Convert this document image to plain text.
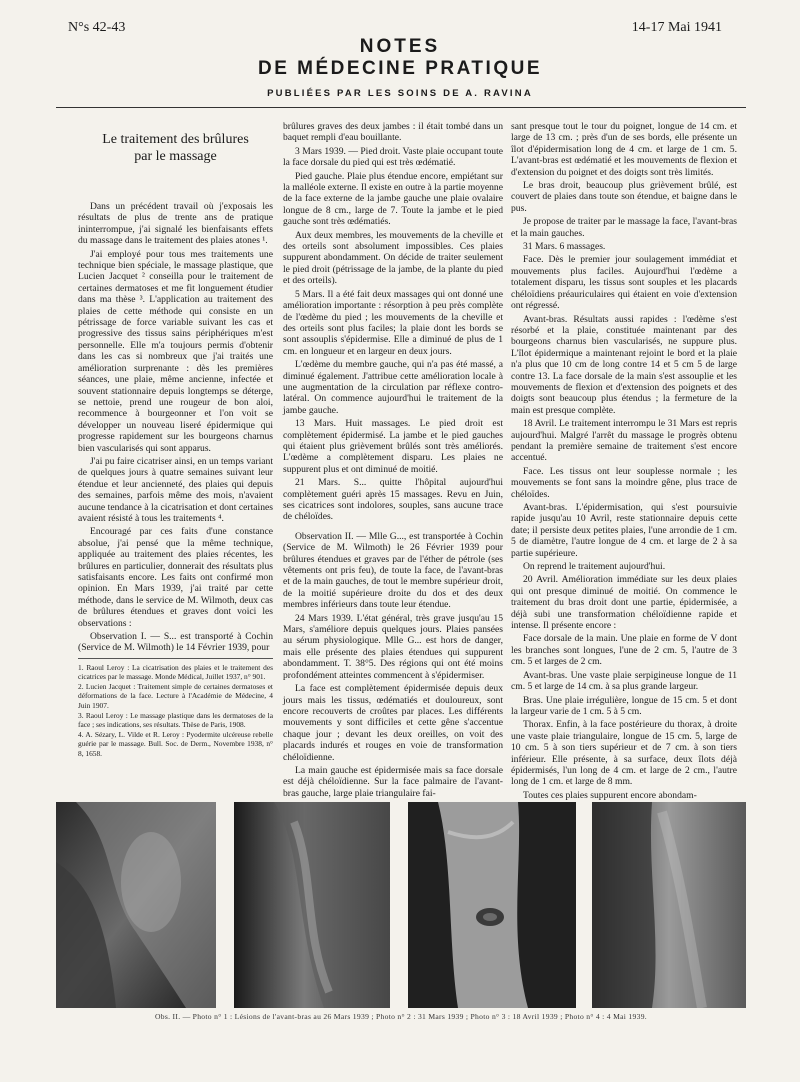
N°s 42-43	14-17 Mai 1941
NOTES
DE MÉDECINE PRATIQUE
PUBLIÉES PAR LES SOINS DE A. RAVINA
Le traitement des brûlures
par le massage

Dans un précédent travail où j'exposais les résultats de plus de trente ans de pratique ininterrompue, j'ai signalé les bienfaisants effets du massage dans le traitement des plaies atones ¹.

J'ai employé pour tous mes traitements une technique bien spéciale, le massage plastique, que Lucien Jacquet ² conseilla pour le traitement de certaines dermatoses et me fit longuement étudier dans ma thèse ³. L'application au traitement des plaies de cette méthode qui consiste en un pétrissage de force variable suivant les cas et progressive des tissus sains périphériques m'est personnelle. Elle m'a toujours permis d'obtenir dans les cas si nombreux que j'ai traités une amélioration surprenante : dès les premières séances, une plaie, même ancienne, infectée et souvent stationnaire depuis longtemps se déterge, se nettoie, prend une rougeur de bon aloi, recommence à bourgeonner et l'on voit se développer un nouveau liseré épidermique qui progresse rapidement sur les bourgeons charnus bien vascularisés qui sont apparus.

J'ai pu faire cicatriser ainsi, en un temps variant de quelques jours à quatre semaines suivant leur étendue et leur ancienneté, des plaies qui depuis des semaines, parfois même des mois, n'avaient aucune tendance à la cicatrisation et dont certaines avaient résisté à tous les traitements ⁴.

Encouragé par ces faits d'une constance absolue, j'ai pensé que la même technique, appliquée au traitement des plaies récentes, les brûlures en particulier, donnerait des résultats plus satisfaisants encore. Les faits ont confirmé mon opinion. En Mars 1939, j'ai traité par cette méthode, dans le service de M. Wilmoth, deux cas de brûlures étendues et graves dont voici les observations :

Observation I. — S... est transporté à Cochin (Service de M. Wilmoth) le 14 Février 1939, pour

1. Raoul Leroy : La cicatrisation des plaies et le traitement des cicatrices par le massage. Monde Médical, Juillet 1937, n° 901.

2. Lucien Jacquet : Traitement simple de certaines dermatoses et déformations de la face. Lecture à l'Académie de Médecine, 4 Juin 1907.

3. Raoul Leroy : Le massage plastique dans les dermatoses de la face ; ses indications, ses résultats. Thèse de Paris, 1908.

4. A. Sézary, L. Vilde et R. Leroy : Pyodermite ulcéreuse rebelle guérie par le massage. Bull. Soc. de Derm., Novembre 1938, n° 8, 1658.

brûlures graves des deux jambes : il était tombé dans un baquet rempli d'eau bouillante.

3 Mars 1939. — Pied droit. Vaste plaie occupant toute la face dorsale du pied qui est très œdématié.

Pied gauche. Plaie plus étendue encore, empiétant sur la malléole externe. Il existe en outre à la partie moyenne de la face externe de la jambe gauche une plaie ovalaire longue de 8 cm., large de 7. Toute la jambe et le pied gauche sont très œdématiés.

Aux deux membres, les mouvements de la cheville et des orteils sont absolument impossibles. Ces plaies suppurent abondamment. On décide de traiter seulement le pied droit (pétrissage de la jambe, de la plante du pied et des orteils).

5 Mars. Il a été fait deux massages qui ont donné une amélioration importante : résorption à peu près complète de l'œdème du pied ; les mouvements de la cheville et des orteils sont plus faciles; la plaie dont les bords se sont assouplis s'épidermise. Elle a diminué de plus de 1 cm. en longueur et en largeur en deux jours.

L'œdème du membre gauche, qui n'a pas été massé, a diminué également. J'attribue cette amélioration locale à une augmentation de la circulation par réflexe contro-latéral. On commence aujourd'hui le traitement de la jambe gauche.

13 Mars. Huit massages. Le pied droit est complètement épidermisé. La jambe et le pied gauches qui étaient plus grièvement brûlés sont très améliorés. L'œdème a complètement disparu. Les plaies ne suppurent plus et ont diminué de moitié.

21 Mars. S... quitte l'hôpital aujourd'hui complètement guéri après 15 massages. Revu en Juin, ses cicatrices sont indolores, souples, sans aucune trace de chéloïdes.

Observation II. — Mlle G..., est transportée à Cochin (Service de M. Wilmoth) le 26 Février 1939 pour brûlures étendues et graves par de l'éther de pétrole (ses vêtements ont pris feu), de toute la face, de l'avant-bras et de la main gauches, de tout le membre supérieur droit, de la moitié supérieure droite du dos et des deux membres inférieurs dans toute leur étendue.

24 Mars 1939. L'état général, très grave jusqu'au 15 Mars, s'améliore depuis quelques jours. Plaies pansées au sérum physiologique. Mlle G... est hors de danger, mais elle présente des plaies étendues qui suppurent abondamment. T. 38°5. Des régions qui ont été moins profondément atteintes commencent à s'épidermiser.

La face est complètement épidermisée depuis deux jours mais les tissus, œdématiés et douloureux, sont encore recouverts de croûtes par places. Les différents mouvements y sont difficiles et cette gêne s'accentue chaque jour ; devant les deux oreilles, on voit des placards indurés et rouges en voie de transformation chéloïdienne.

La main gauche est épidermisée mais sa face dorsale est déjà chéloïdienne. Sur la face palmaire de l'avant-bras gauche, large plaie triangulaire fai-

sant presque tout le tour du poignet, longue de 14 cm. et large de 13 cm. ; près d'un de ses bords, elle présente un îlot d'épidermisation long de 4 cm. et large de 1 cm. 5. L'avant-bras est œdématié et les mouvements de flexion et d'extension du poignet et des doigts sont très limités.

Le bras droit, beaucoup plus grièvement brûlé, est couvert de plaies dans toute son étendue, et baigne dans le pus.

Je propose de traiter par le massage la face, l'avant-bras et la main gauches.

31 Mars. 6 massages.

Face. Dès le premier jour soulagement immédiat et mouvements plus faciles. Aujourd'hui l'œdème a totalement disparu, les tissus sont souples et les placards chéloïdiens préauriculaires qui étaient en voie d'extension ont régressé.

Avant-bras. Résultats aussi rapides : l'œdème s'est résorbé et la plaie, constituée maintenant par des bourgeons charnus bien vascularisés, ne suppure plus. L'îlot épidermique a maintenant rejoint le bord et la plaie n'a plus que 10 cm de long contre 14 et 5 cm 5 de large contre 13. La face dorsale de la main s'est assouplie et les mouvements de flexion et d'extension des poignets et des doigts sont beaucoup plus étendus ; la fermeture de la main est presque complète.

18 Avril. Le traitement interrompu le 31 Mars est repris aujourd'hui. Malgré l'arrêt du massage le progrès obtenu pendant la première semaine de traitement s'est encore accentué.

Face. Les tissus ont leur souplesse normale ; les mouvements se font sans la moindre gêne, plus trace de chéloïdes.

Avant-bras. L'épidermisation, qui s'est poursuivie rapide jusqu'au 10 Avril, reste stationnaire depuis cette date; il persiste deux petites plaies, l'une arrondie de 1 cm. 5 de diamètre, l'autre longue de 4 cm. et large de 2 à sa partie supérieure.

On reprend le traitement aujourd'hui.

20 Avril. Amélioration immédiate sur les deux plaies qui ont presque diminué de moitié. On commence le traitement du bras droit dont une partie, épidermisée, a déjà subi une transformation chéloïdienne rapide et intense. Il présente encore :

Face dorsale de la main. Une plaie en forme de V dont les branches sont longues, l'une de 2 cm. 5, l'autre de 3 cm. 5 et larges de 2 cm.

Avant-bras. Une vaste plaie serpigineuse longue de 11 cm. 5 et large de 14 cm. à sa plus grande largeur.

Bras. Une plaie irrégulière, longue de 15 cm. 5 et dont la largeur varie de 1 cm. 5 à 5 cm.

Thorax. Enfin, à la face postérieure du thorax, à droite une vaste plaie triangulaire, longue de 15 cm. 5, large de 10 cm. 5 à son tiers supérieur et de 7 cm. à son tiers inférieur. Elle présente, à sa surface, deux îlots déjà épidermisés, l'un long de 4 cm. et large de 2 cm., l'autre long de 1 cm. et large de 8 mm.

Toutes ces plaies suppurent encore abondam-

Obs. II. — Photo n° 1 : Lésions de l'avant-bras au 26 Mars 1939 ; Photo n° 2 : 31 Mars 1939 ; Photo n° 3 : 18 Avril 1939 ; Photo n° 4 : 4 Mai 1939.
